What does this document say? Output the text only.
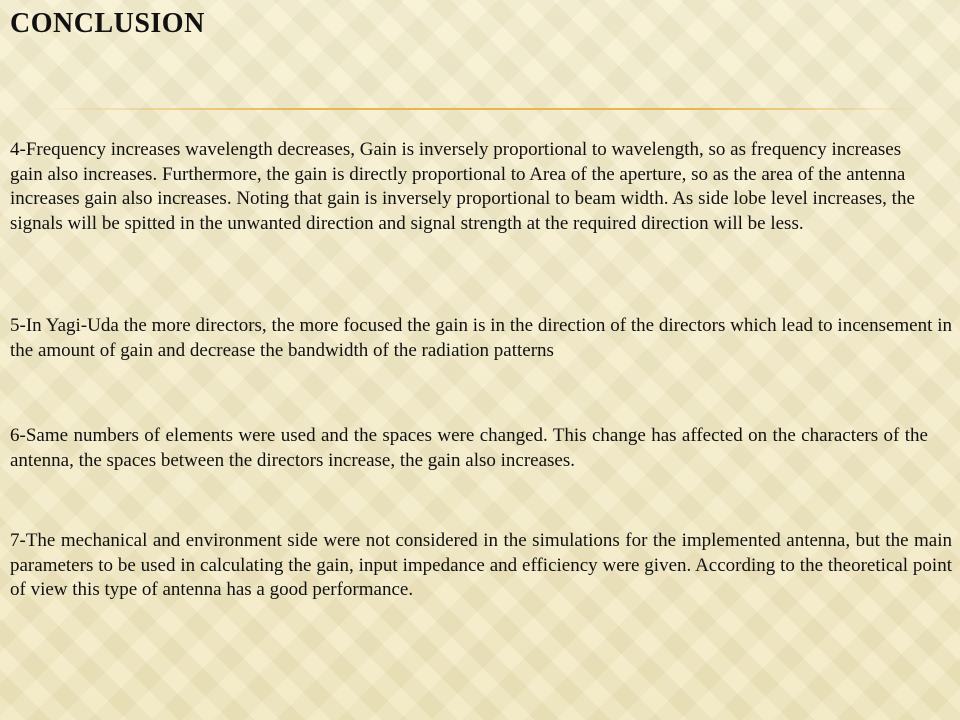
CONCLUSION

4-Frequency increases wavelength decreases, Gain is inversely proportional to wavelength, so as frequency increases gain also increases. Furthermore, the gain is directly proportional to Area of the aperture, so as the area of the antenna increases gain also increases. Noting that gain is inversely proportional to beam width. As side lobe level increases, the signals will be spitted in the unwanted direction and signal strength at the required direction will be less.

5-In Yagi-Uda the more directors, the more focused the gain is in the direction of the directors which lead to incensement in the amount of gain and decrease the bandwidth of the radiation patterns

6-Same numbers of elements were used and the spaces were changed. This change has affected on the characters of the antenna, the spaces between the directors increase, the gain also increases.

7-The mechanical and environment side were not considered in the simulations for the implemented antenna, but the main parameters to be used in calculating the gain, input impedance and efficiency were given. According to the theoretical point of view this type of antenna has a good performance.
